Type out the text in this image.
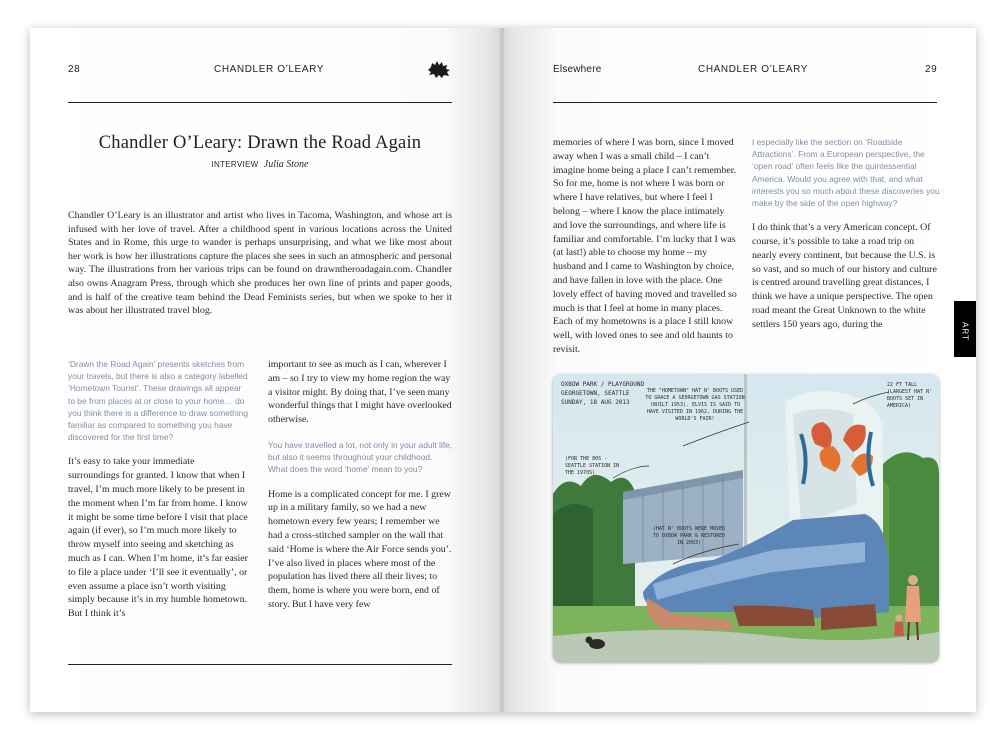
28	CHANDLER O’LEARY
Chandler O’Leary: Drawn the Road Again
INTERVIEW Julia Stone
Chandler O’Leary is an illustrator and artist who lives in Tacoma, Washington, and whose art is infused with her love of travel. After a childhood spent in various locations across the United States and in Rome, this urge to wander is perhaps unsurprising, and what we like most about her work is how her illustrations capture the places she sees in such an atmospheric and personal way. The illustrations from her various trips can be found on drawntheroadagain.com. Chandler also owns Anagram Press, through which she produces her own line of prints and paper goods, and is half of the creative team behind the Dead Feminists series, but when we spoke to her it was about her illustrated travel blog.
‘Drawn the Road Again’ presents sketches from your travels, but there is also a category labelled ‘Hometown Tourist’. These drawings all appear to be from places at or close to your home… do you think there is a difference to draw something familiar as compared to something you have discovered for the first time?
It’s easy to take your immediate surroundings for granted. I know that when I travel, I’m much more likely to be present in the moment when I’m far from home. I know it might be some time before I visit that place again (if ever), so I’m much more likely to throw myself into seeing and sketching as much as I can. When I’m home, it’s far easier to file a place under ‘I’ll see it eventually’, or even assume a place isn’t worth visiting simply because it’s in my humble hometown. But I think it’s
important to see as much as I can, wherever I am – so I try to view my home region the way a visitor might. By doing that, I’ve seen many wonderful things that I might have overlooked otherwise.
You have travelled a lot, not only in your adult life, but also it seems throughout your childhood. What does the word ‘home’ mean to you?
Home is a complicated concept for me. I grew up in a military family, so we had a new hometown every few years; I remember we had a cross-stitched sampler on the wall that said ‘Home is where the Air Force sends you’. I’ve also lived in places where most of the population has lived there all their lives; to them, home is where you were born, end of story. But I have very few
Elsewhere	CHANDLER O’LEARY	29
memories of where I was born, since I moved away when I was a small child – I can’t imagine home being a place I can’t remember. So for me, home is not where I was born or where I have relatives, but where I feel I belong – where I know the place intimately and love the surroundings, and where life is familiar and comfortable. I’m lucky that I was (at last!) able to choose my home – my husband and I came to Washington by choice, and have fallen in love with the place. One lovely effect of having moved and travelled so much is that I feel at home in many places. Each of my hometowns is a place I still know well, with loved ones to see and old haunts to revisit.
I especially like the section on ‘Roadside Attractions’. From a European perspective, the ‘open road’ often feels like the quintessential America. Would you agree with that, and what interests you so much about these discoveries you make by the side of the open highway?
I do think that’s a very American concept. Of course, it’s possible to take a road trip on nearly every continent, but because the U.S. is so vast, and so much of our history and culture is centred around travelling great distances, I think we have a unique perspective. The open road meant the Great Unknown to the white settlers 150 years ago, during the	ART
OXBOW PARK / PLAYGROUND
GEORGETOWN, SEATTLE
SUNDAY, 18 AUG 2013
THE "HOMETOWN" HAT N' BOOTS USED TO GRACE A GEORGETOWN GAS STATION (BUILT 1953). ELVIS IS SAID TO HAVE VISITED IN 1962, DURING THE WORLD'S FAIR!
(FOR THE 80S - SEATTLE STATION IN THE 1970S)
22 FT TALL (LARGEST HAT N' BOOTS SET IN AMERICA)
(HAT N' BOOTS WERE MOVED TO OXBOW PARK & RESTORED IN 2003)
